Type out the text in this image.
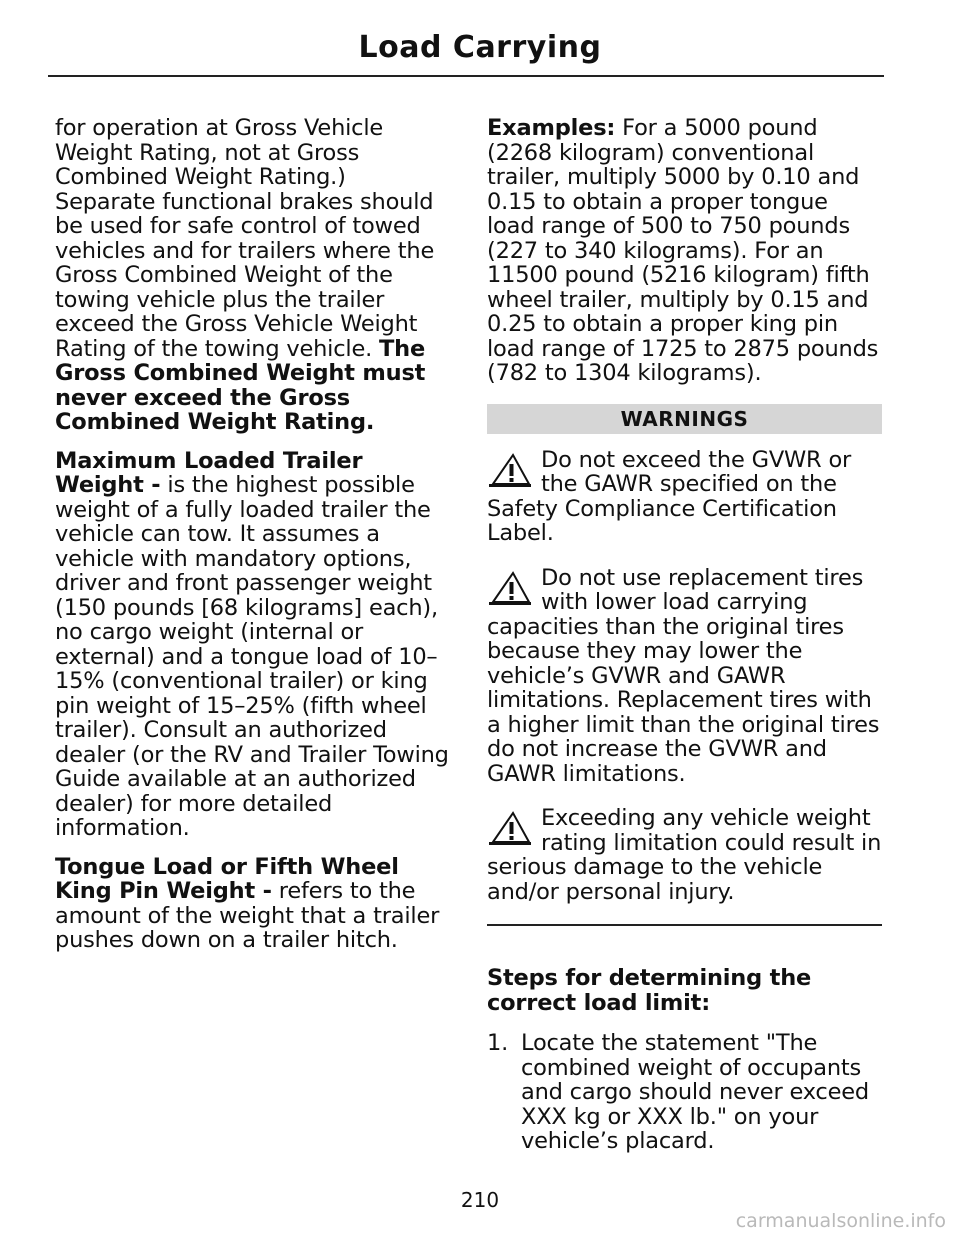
Load Carrying

for operation at Gross Vehicle Weight Rating, not at Gross Combined Weight Rating.) Separate functional brakes should be used for safe control of towed vehicles and for trailers where the Gross Combined Weight of the towing vehicle plus the trailer exceed the Gross Vehicle Weight Rating of the towing vehicle. The Gross Combined Weight must never exceed the Gross Combined Weight Rating.

Maximum Loaded Trailer Weight - is the highest possible weight of a fully loaded trailer the vehicle can tow. It assumes a vehicle with mandatory options, driver and front passenger weight (150 pounds [68 kilograms] each), no cargo weight (internal or external) and a tongue load of 10–15% (conventional trailer) or king pin weight of 15–25% (fifth wheel trailer). Consult an authorized dealer (or the RV and Trailer Towing Guide available at an authorized dealer) for more detailed information.

Tongue Load or Fifth Wheel King Pin Weight - refers to the amount of the weight that a trailer pushes down on a trailer hitch.

Examples: For a 5000 pound (2268 kilogram) conventional trailer, multiply 5000 by 0.10 and 0.15 to obtain a proper tongue load range of 500 to 750 pounds (227 to 340 kilograms). For an 11500 pound (5216 kilogram) fifth wheel trailer, multiply by 0.15 and 0.25 to obtain a proper king pin load range of 1725 to 2875 pounds (782 to 1304 kilograms).

WARNINGS
Do not exceed the GVWR or the GAWR specified on the Safety Compliance Certification Label.
Do not use replacement tires with lower load carrying capacities than the original tires because they may lower the vehicle’s GVWR and GAWR limitations. Replacement tires with a higher limit than the original tires do not increase the GVWR and GAWR limitations.
Exceeding any vehicle weight rating limitation could result in serious damage to the vehicle and/or personal injury.
Steps for determining the correct load limit:
1. Locate the statement "The combined weight of occupants and cargo should never exceed XXX kg or XXX lb." on your vehicle’s placard.
210
carmanualsonline.info
